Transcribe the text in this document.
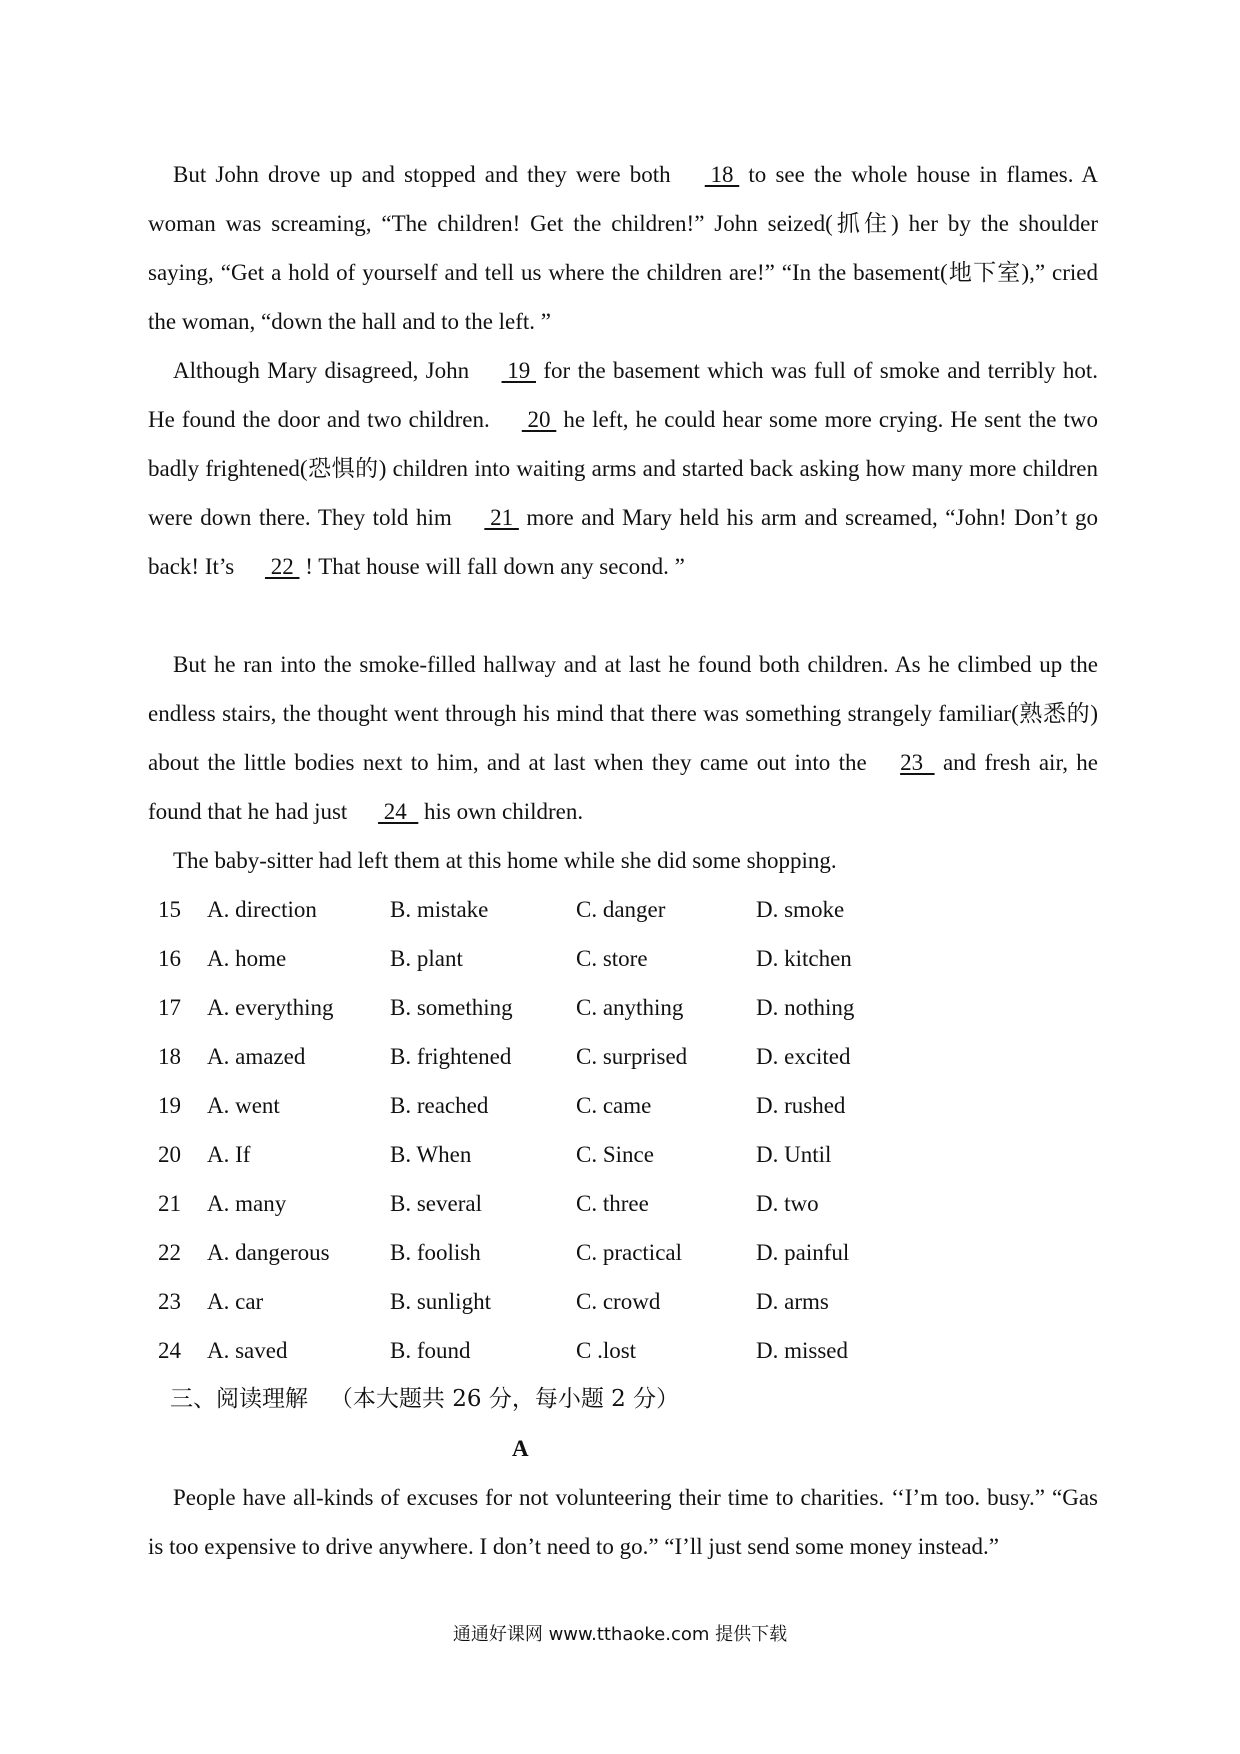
But John drove up and stopped and they were both  18  to see the whole house in flames. A woman was screaming, “The children! Get the children!” John seized(抓住) her by the shoulder saying, “Get a hold of yourself and tell us where the children are!” “In the basement(地下室),” cried the woman, “down the hall and to the left. ”

Although Mary disagreed, John  19  for the basement which was full of smoke and terribly hot. He found the door and two children.  20  he left, he could hear some more crying. He sent the two badly frightened(恐惧的) children into waiting arms and started back asking how many more children were down there. They told him  21  more and Mary held his arm and screamed, “John! Don’t go back! It’s  22  ! That house will fall down any second. ”

But he ran into the smoke-filled hallway and at last he found both children. As he climbed up the endless stairs, the thought went through his mind that there was something strangely familiar(熟悉的) about the little bodies next to him, and at last when they came out into the 23   and fresh air, he found that he had just  24   his own children.

The baby-sitter had left them at this home while she did some shopping.

15 A. direction	B. mistake	C. danger	D. smoke
16 A. home	B. plant	C. store	D. kitchen
17 A. everything B. something	C. anything	D. nothing
18 A. amazed	B. frightened	C. surprised	D. excited
19 A. went	B. reached	C. came	D. rushed
20 A. If	B. When	C. Since	D. Until
21 A. many	B. several	C. three	D. two
22 A. dangerous	B. foolish	C. practical	D. painful
23 A. car	B. sunlight	C. crowd	D. arms
24 A. saved	B. found	C .lost	D. missed
三、阅读理解   （本大题共 26 分，每小题 2 分）
A

People have all-kinds of excuses for not volunteering their time to charities. ‘‘I’m too. busy.” “Gas is too expensive to drive anywhere. I don’t need to go.” “I’ll just send some money instead.”

通通好课网 www.tthaoke.com 提供下载
